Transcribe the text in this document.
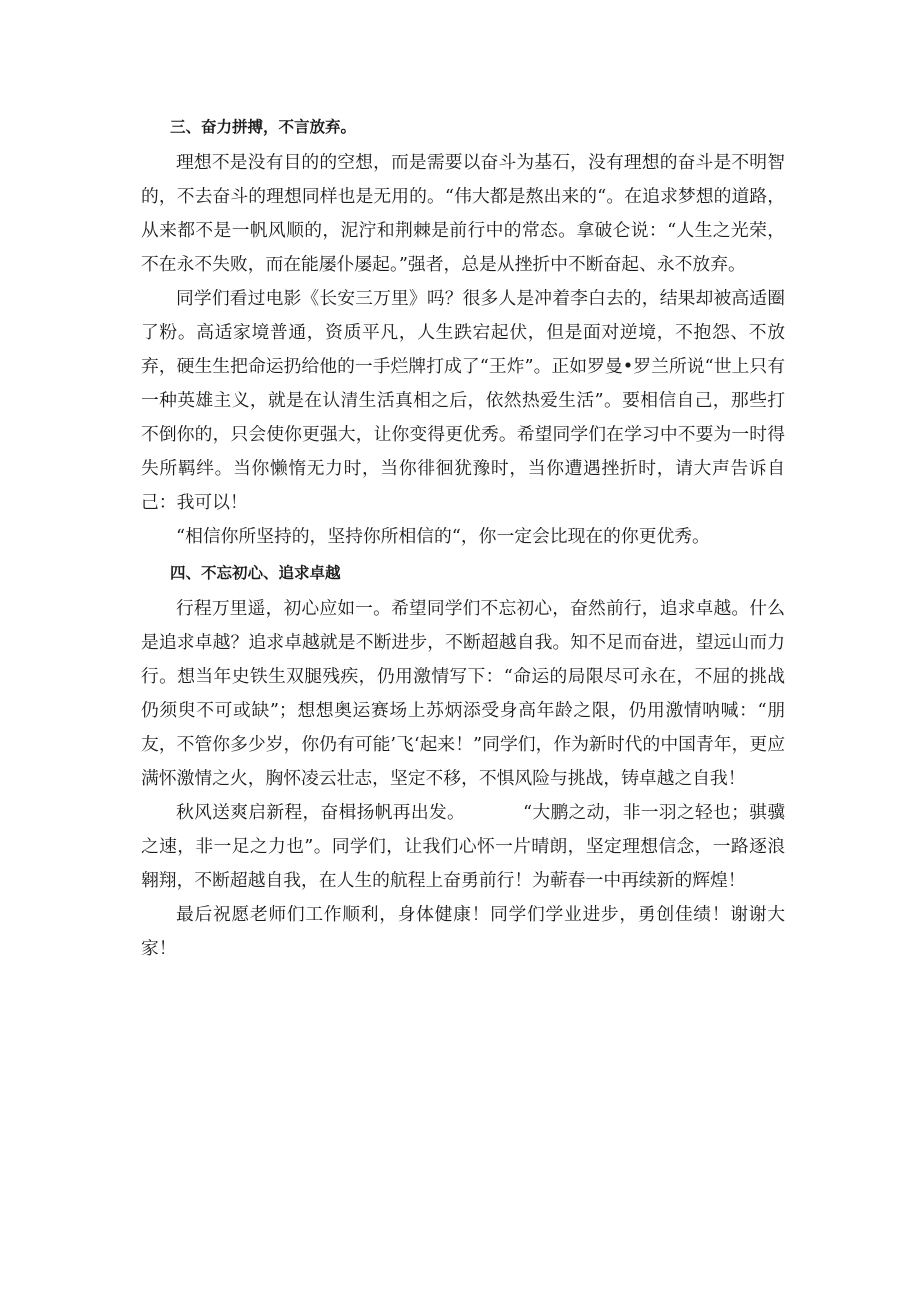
三、奋力拼搏，不言放弃。

理想不是没有目的的空想，而是需要以奋斗为基石，没有理想的奋斗是不明智的，不去奋斗的理想同样也是无用的。“伟大都是熬出来的“。在追求梦想的道路，从来都不是一帆风顺的，泥泞和荆棘是前行中的常态。拿破仑说：“人生之光荣，不在永不失败，而在能屡仆屡起。”强者，总是从挫折中不断奋起、永不放弃。

同学们看过电影《长安三万里》吗？很多人是冲着李白去的，结果却被高适圈了粉。高适家境普通，资质平凡，人生跌宕起伏，但是面对逆境，不抱怨、不放弃，硬生生把命运扔给他的一手烂牌打成了“王炸”。正如罗曼•罗兰所说“世上只有一种英雄主义，就是在认清生活真相之后，依然热爱生活”。要相信自己，那些打不倒你的，只会使你更强大，让你变得更优秀。希望同学们在学习中不要为一时得失所羁绊。当你懒惰无力时，当你徘徊犹豫时，当你遭遇挫折时，请大声告诉自己：我可以！

“相信你所坚持的，坚持你所相信的“，你一定会比现在的你更优秀。

四、不忘初心、追求卓越

行程万里遥，初心应如一。希望同学们不忘初心，奋然前行，追求卓越。什么是追求卓越？追求卓越就是不断进步，不断超越自我。知不足而奋进，望远山而力行。想当年史铁生双腿残疾，仍用激情写下：“命运的局限尽可永在，不屈的挑战仍须臾不可或缺”；想想奥运赛场上苏炳添受身高年龄之限，仍用激情呐喊：“朋友，不管你多少岁，你仍有可能’飞‘起来！”同学们，作为新时代的中国青年，更应满怀激情之火，胸怀凌云壮志，坚定不移，不惧风险与挑战，铸卓越之自我！

秋风送爽启新程，奋楫扬帆再出发。	“大鹏之动，非一羽之轻也；骐骥之速，非一足之力也”。同学们，让我们心怀一片晴朗，坚定理想信念，一路逐浪翱翔，不断超越自我，在人生的航程上奋勇前行！为蕲春一中再续新的辉煌！

最后祝愿老师们工作顺利，身体健康！同学们学业进步，勇创佳绩！谢谢大家！
